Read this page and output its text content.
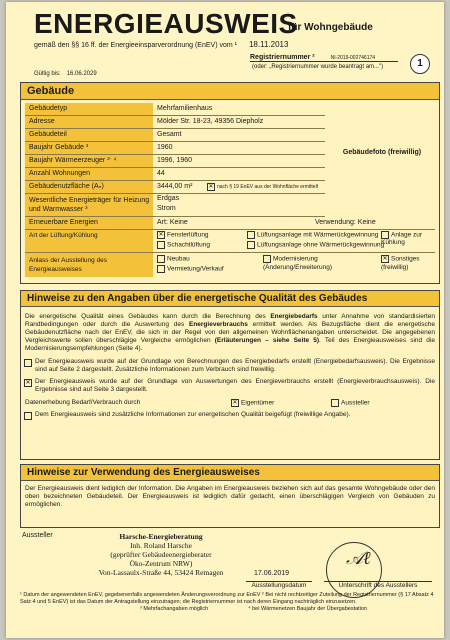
ENERGIEAUSWEIS
für Wohngebäude
gemäß den §§ 16 ff. der Energieeinsparverordnung (EnEV) vom ¹ 18.11.2013
Registriernummer ²	NI-2019-002746174
(oder: „Registriernummer wurde beantragt am...")	1
Gültig bis: 16.06.2029
Gebäude
Gebäudetyp	Mehrfamilienhaus
Adresse	Mölder Str. 18-23, 49356 Diepholz
Gebäudeteil	Gesamt
Baujahr Gebäude ³	1960
Baujahr Wärmeerzeuger ³ˑ ⁴	1996, 1960
Anzahl Wohnungen	44
Gebäudenutzfläche (Aₙ)	3444,00 m²	✕ nach § 19 EnEV aus der Wohnfläche ermittelt
Wesentliche Energieträger für Heizung und Warmwasser ³
Erdgas
Strom
Erneuerbare Energien	Art: Keine	Verwendung: Keine
Art der Lüftung/Kühlung	✕ Fensterlüftung	Lüftungsanlage mit Wärmerückgewinnung	Anlage zur Kühlung
Schachtlüftung	Lüftungsanlage ohne Wärmerückgewinnung
Anlass der Ausstellung des Energieausweises
Neubau	Modernisierung (Änderung/Erweiterung)
✕ Sonstiges (freiwillig)
Vermietung/Verkauf
Gebäudefoto (freiwillig)
Hinweise zu den Angaben über die energetische Qualität des Gebäudes
Die energetische Qualität eines Gebäudes kann durch die Berechnung des Energiebedarfs unter Annahme von standardisierten Randbedingungen oder durch die Auswertung des Energieverbrauchs ermittelt werden. Als Bezugsfläche dient die energetische Gebäudenutzfläche nach der EnEV, die sich in der Regel von den allgemeinen Wohnflächenangaben unterscheidet. Die angegebenen Vergleichswerte sollen überschlägige Vergleiche ermöglichen (Erläuterungen – siehe Seite 5). Teil des Energieausweises sind die Modernisierungsempfehlungen (Seite 4).
Der Energieausweis wurde auf der Grundlage von Berechnungen des Energiebedarfs erstellt (Energiebedarfsausweis). Die Ergebnisse sind auf Seite 2 dargestellt. Zusätzliche Informationen zum Verbrauch sind freiwillig.
✕ Der Energieausweis wurde auf der Grundlage von Auswertungen des Energieverbrauchs erstellt (Energieverbrauchsausweis). Die Ergebnisse sind auf Seite 3 dargestellt.
Datenerhebung Bedarf/Verbrauch durch	✕ Eigentümer	Aussteller
Dem Energieausweis sind zusätzliche Informationen zur energetischen Qualität beigefügt (freiwillige Angabe).
Hinweise zur Verwendung des Energieausweises
Der Energieausweis dient lediglich der Information. Die Angaben im Energieausweis beziehen sich auf das gesamte Wohngebäude oder den oben bezeichneten Gebäudeteil. Der Energieausweis ist lediglich dafür gedacht, einen überschlägigen Vergleich von Gebäuden zu ermöglichen.
Aussteller	Harsche-Energieberatung
Inh. Roland Harsche
(geprüfter Gebäudeenergieberater
Öko-Zentrum NRW)
Von-Lassaulx-Straße 44, 53424 Remagen	17.06.2019
Ausstellungsdatum
𝒜ℓ
Unterschrift des Ausstellers
¹ Datum der angewendeten EnEV, gegebenenfalls angewendeten Änderungsverordnung zur EnEV ² Bei nicht rechtzeitiger Zuteilung der Registriernummer (§ 17 Absatz 4 Satz 4 und 5 EnEV) ist das Datum der Antragstellung einzutragen; die Registriernummer ist nach deren Eingang nachträglich einzusetzen.
³ Mehrfachangaben möglich	⁴ bei Wärmenetzen Baujahr der Übergabestation
